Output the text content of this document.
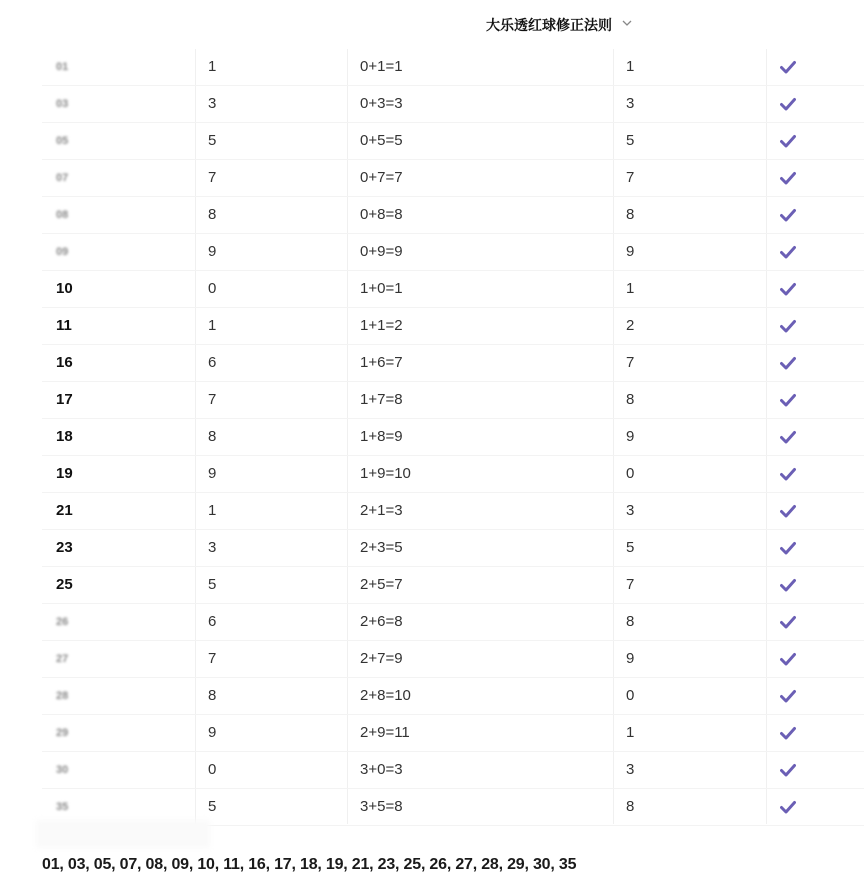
大乐透红球修正法则
01	1	0+1=1	1
03	3	0+3=3	3
05	5	0+5=5	5
07	7	0+7=7	7
08	8	0+8=8	8
09	9	0+9=9	9
10	0	1+0=1	1
11	1	1+1=2	2
16	6	1+6=7	7
17	7	1+7=8	8
18	8	1+8=9	9
19	9	1+9=10	0
21	1	2+1=3	3
23	3	2+3=5	5
25	5	2+5=7	7
26	6	2+6=8	8
27	7	2+7=9	9
28	8	2+8=10	0
29	9	2+9=11	1
30	0	3+0=3	3
35	5	3+5=8	8
01, 03, 05, 07, 08, 09, 10, 11, 16, 17, 18, 19, 21, 23, 25, 26, 27, 28, 29, 30, 35
